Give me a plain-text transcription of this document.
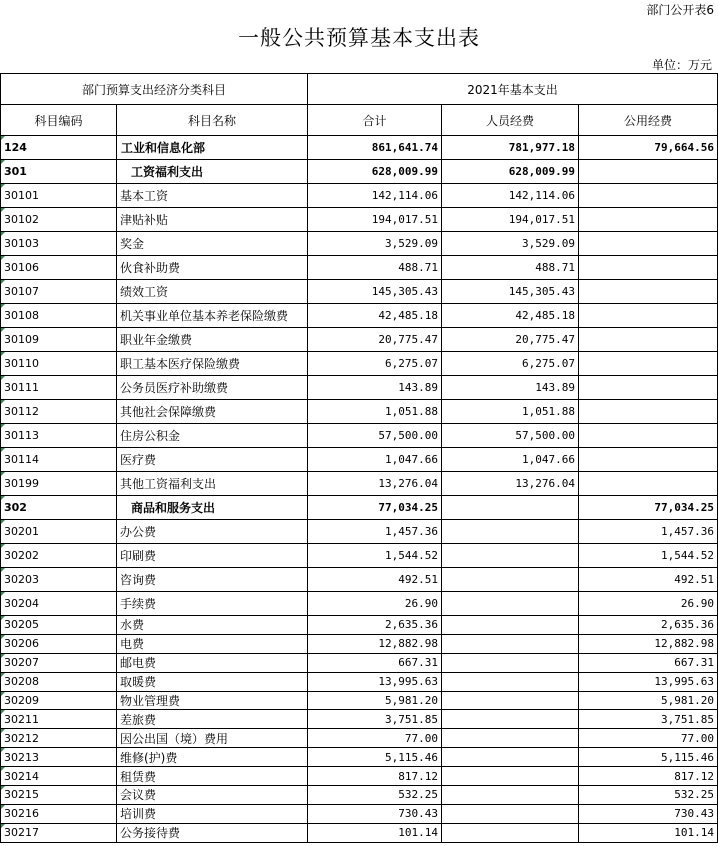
部门公开表6
一般公共预算基本支出表
单位：万元
部门预算支出经济分类科目		2021年基本支出		
科目编码	科目名称	合计	人员经费	公用经费
124	工业和信息化部	861,641.74	781,977.18	79,664.56
301	工资福利支出	628,009.99	628,009.99	
30101	基本工资	142,114.06	142,114.06	
30102	津贴补贴	194,017.51	194,017.51	
30103	奖金	3,529.09	3,529.09	
30106	伙食补助费	488.71	488.71	
30107	绩效工资	145,305.43	145,305.43	
30108	机关事业单位基本养老保险缴费	42,485.18	42,485.18	
30109	职业年金缴费	20,775.47	20,775.47	
30110	职工基本医疗保险缴费	6,275.07	6,275.07	
30111	公务员医疗补助缴费	143.89	143.89	
30112	其他社会保障缴费	1,051.88	1,051.88	
30113	住房公积金	57,500.00	57,500.00	
30114	医疗费	1,047.66	1,047.66	
30199	其他工资福利支出	13,276.04	13,276.04	
302	商品和服务支出	77,034.25		77,034.25
30201	办公费	1,457.36		1,457.36
30202	印刷费	1,544.52		1,544.52
30203	咨询费	492.51		492.51
30204	手续费	26.90		26.90
30205	水费	2,635.36		2,635.36
30206	电费	12,882.98		12,882.98
30207	邮电费	667.31		667.31
30208	取暖费	13,995.63		13,995.63
30209	物业管理费	5,981.20		5,981.20
30211	差旅费	3,751.85		3,751.85
30212	因公出国（境）费用	77.00		77.00
30213	维修(护)费	5,115.46		5,115.46
30214	租赁费	817.12		817.12
30215	会议费	532.25		532.25
30216	培训费	730.43		730.43
30217	公务接待费	101.14		101.14
